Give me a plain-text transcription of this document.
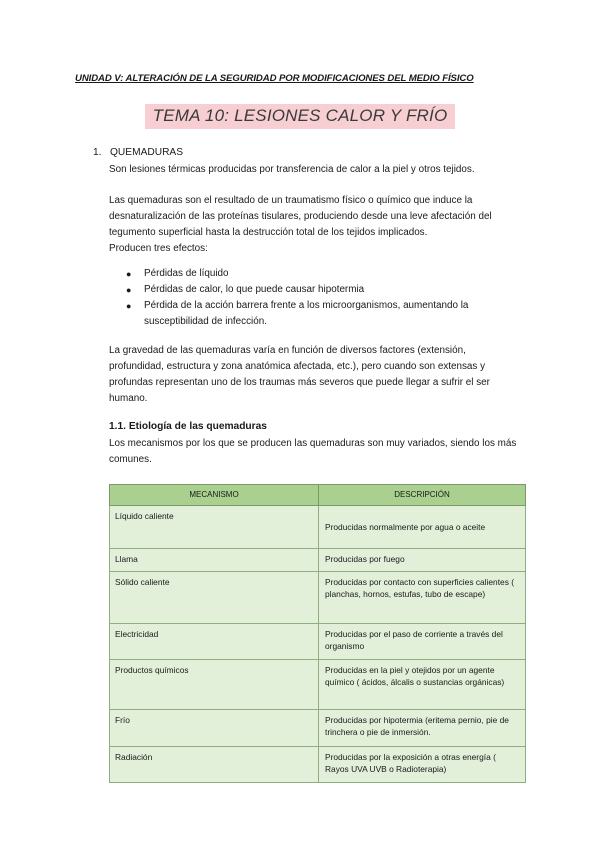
UNIDAD V: ALTERACIÓN DE LA SEGURIDAD POR MODIFICACIONES DEL MEDIO FÍSICO
TEMA 10: LESIONES CALOR Y FRÍO
1. QUEMADURAS
Son lesiones térmicas producidas por transferencia de calor a la piel y otros tejidos.
Las quemaduras son el resultado de un traumatismo físico o químico que induce la
desnaturalización de las proteínas tisulares, produciendo desde una leve afectación del
tegumento superficial hasta la destrucción total de los tejidos implicados.
Producen tres efectos:
● Pérdidas de líquido
● Pérdidas de calor, lo que puede causar hipotermia
● Pérdida de la acción barrera frente a los microorganismos, aumentando la
susceptibilidad de infección.
La gravedad de las quemaduras varía en función de diversos factores (extensión,
profundidad, estructura y zona anatómica afectada, etc.), pero cuando son extensas y
profundas representan uno de los traumas más severos que puede llegar a sufrir el ser
humano.
1.1. Etiología de las quemaduras
Los mecanismos por los que se producen las quemaduras son muy variados, siendo los más
comunes.
MECANISMO	DESCRIPCIÓN
Líquido caliente	Producidas normalmente por agua o aceite
Llama	Producidas por fuego
Sólido caliente	Producidas por contacto con superficies calientes ( planchas, hornos, estufas, tubo de escape)
Electricidad	Producidas por el paso de corriente a través del organismo
Productos químicos	Producidas en la piel y otejidos por un agente químico ( ácidos, álcalis o sustancias orgánicas)
Frío	Producidas por hipotermia (eritema pernio, pie de trinchera o pie de inmersión.
Radiación	Producidas por la exposición a otras energía ( Rayos UVA UVB o Radioterapia)
